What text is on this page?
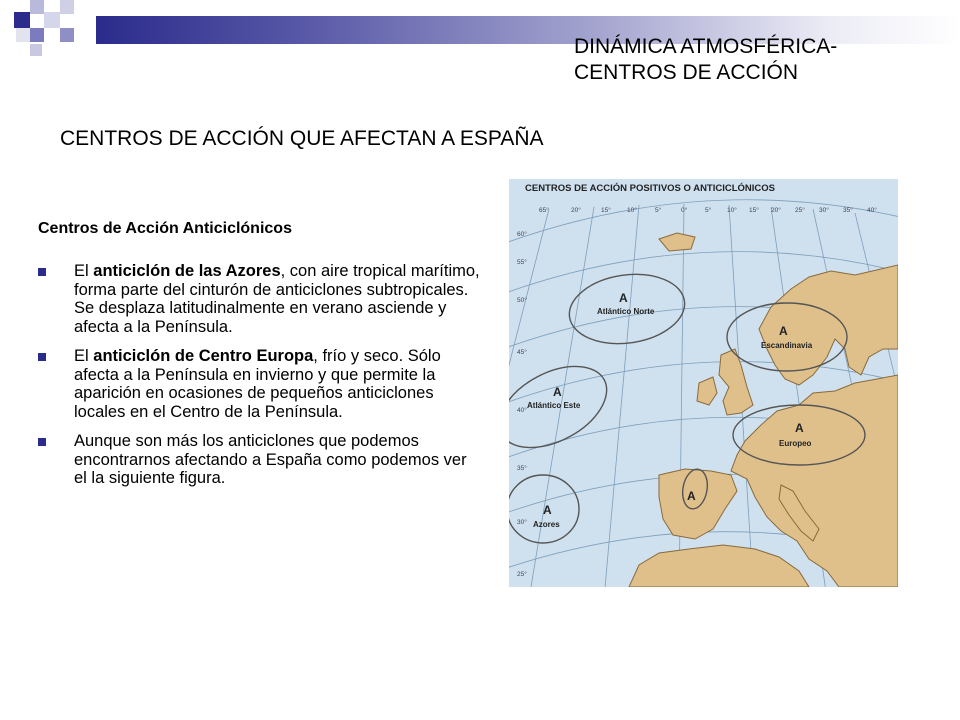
DINÁMICA ATMOSFÉRICA-
CENTROS DE ACCIÓN
CENTROS DE ACCIÓN QUE AFECTAN A ESPAÑA
Centros de Acción Anticiclónicos
El anticiclón de las Azores, con aire tropical marítimo, forma parte del cinturón de anticiclones subtropicales. Se desplaza latitudinalmente en verano asciende y afecta a la Península.
El anticiclón de Centro Europa, frío y seco. Sólo afecta a la Península en invierno y que permite la aparición en ocasiones de pequeños anticiclones locales en el Centro de la Península.
Aunque son más los anticiclones que podemos encontrarnos afectando a España como podemos ver el la siguiente figura.
CENTROS DE ACCIÓN POSITIVOS O ANTICICLÓNICOS
65°
60°
55°
50°
45°
40°
35°
30°
25°
20°	15° 10°	5°	0°	5° 10° 15° 20° 25° 30° 35° 40°
A
Atlántico Norte
A
Escandinavia
A
Atlántico Este
A
Europeo
A
Azores
A
